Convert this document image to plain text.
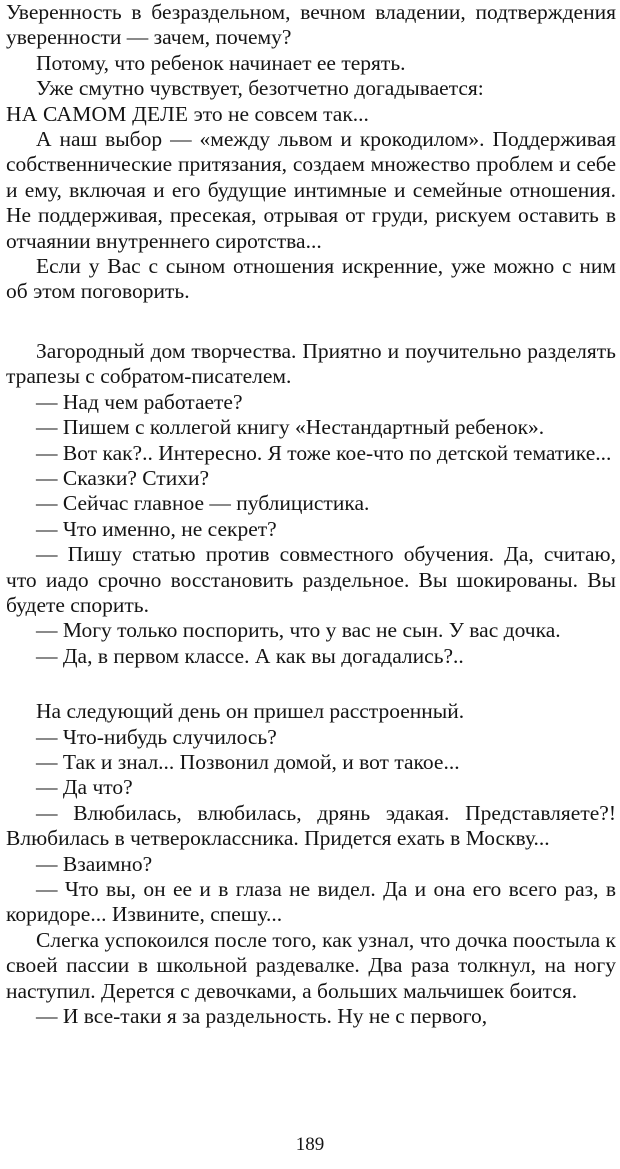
Уверенность в безраздельном, вечном владении, подтверждения уверенности — зачем, почему?

Потому, что ребенок начинает ее терять.

Уже смутно чувствует, безотчетно догадывается:

НА САМОМ ДЕЛЕ это не совсем так...

А наш выбор — «между львом и крокодилом». Поддерживая собственнические притязания, создаем множество проблем и себе и ему, включая и его будущие интимные и семейные отношения. Не поддерживая, пресекая, отрывая от груди, рискуем оставить в отчаянии внутреннего сиротства...

Если у Вас с сыном отношения искренние, уже можно с ним об этом поговорить.

Загородный дом творчества. Приятно и поучительно разделять трапезы с собратом-писателем.

— Над чем работаете?

— Пишем с коллегой книгу «Нестандартный ребенок».

— Вот как?.. Интересно. Я тоже кое-что по детской тематике...

— Сказки? Стихи?

— Сейчас главное — публицистика.

— Что именно, не секрет?

— Пишу статью против совместного обучения. Да, считаю, что иадо срочно восстановить раздельное. Вы шокированы. Вы будете спорить.

— Могу только поспорить, что у вас не сын. У вас дочка.

— Да, в первом классе. А как вы догадались?..

На следующий день он пришел расстроенный.

— Что-нибудь случилось?

— Так и знал... Позвонил домой, и вот такое...

— Да что?

— Влюбилась, влюбилась, дрянь эдакая. Представляете?! Влюбилась в четвероклассника. Придется ехать в Москву...

— Взаимно?

— Что вы, он ее и в глаза не видел. Да и она его всего раз, в коридоре... Извините, спешу...

Слегка успокоился после того, как узнал, что дочка поостыла к своей пассии в школьной раздевалке. Два раза толкнул, на ногу наступил. Дерется с девочками, а больших мальчишек боится.

— И все-таки я за раздельность. Ну не с первого,

189
